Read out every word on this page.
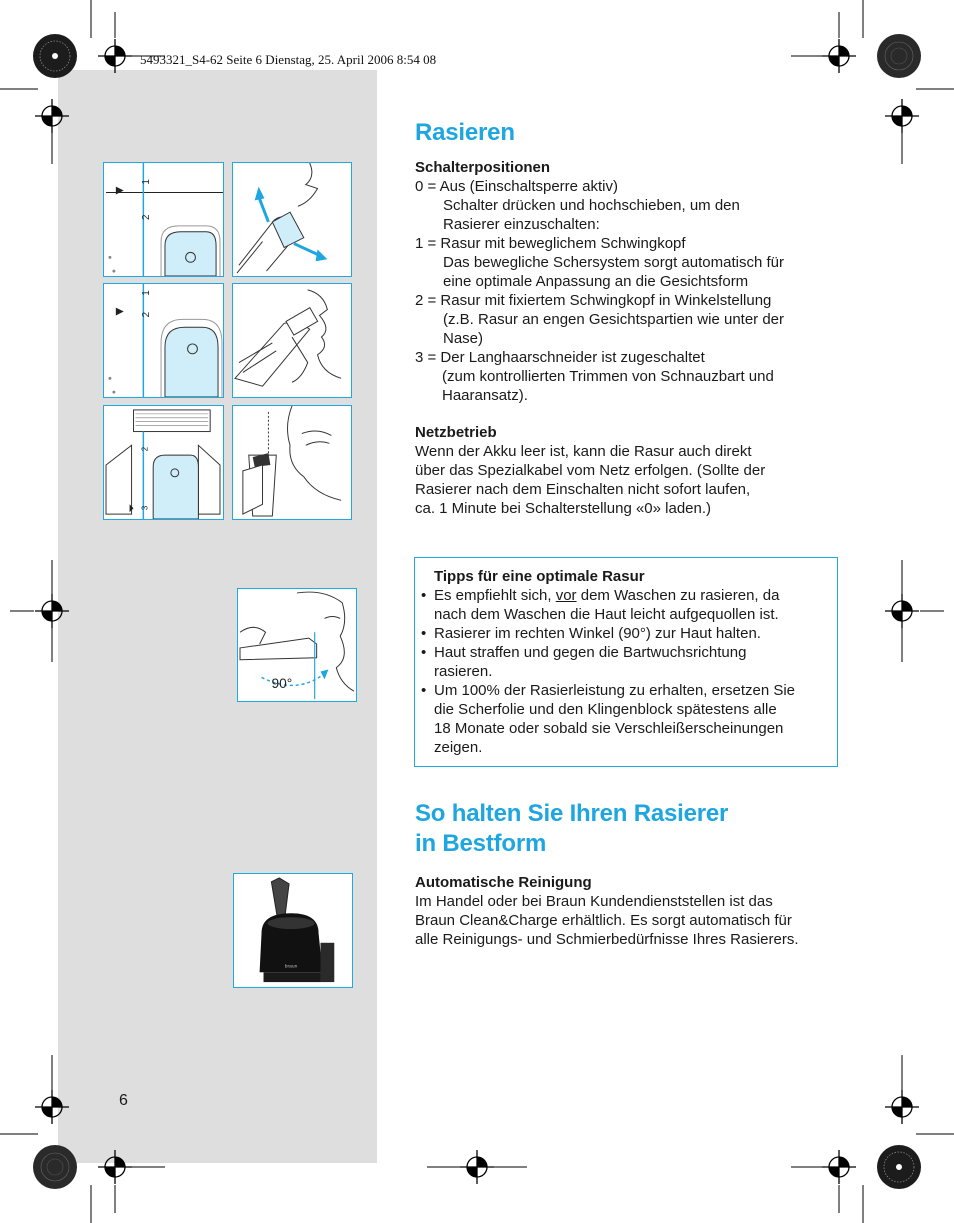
5493321_S4-62 Seite 6 Dienstag, 25. April 2006 8:54 08
1
2
1
2
2
3
90°
braun
Rasieren
Schalterpositionen
0 = Aus (Einschaltsperre aktiv)
Schalter drücken und hochschieben, um den
Rasierer einzuschalten:
1 = Rasur mit beweglichem Schwingkopf
Das bewegliche Schersystem sorgt automatisch für
eine optimale Anpassung an die Gesichtsform
2 = Rasur mit fixiertem Schwingkopf in Winkelstellung
(z.B. Rasur an engen Gesichtspartien wie unter der
Nase)
3 = Der Langhaarschneider ist zugeschaltet
(zum kontrollierten Trimmen von Schnauzbart und
Haaransatz).
Netzbetrieb
Wenn der Akku leer ist, kann die Rasur auch direkt
über das Spezialkabel vom Netz erfolgen. (Sollte der
Rasierer nach dem Einschalten nicht sofort laufen,
ca. 1 Minute bei Schalterstellung «0» laden.)
Tipps für eine optimale Rasur
• Es empfiehlt sich, vor dem Waschen zu rasieren, da
nach dem Waschen die Haut leicht aufgequollen ist.
• Rasierer im rechten Winkel (90°) zur Haut halten.
• Haut straffen und gegen die Bartwuchsrichtung
rasieren.
• Um 100% der Rasierleistung zu erhalten, ersetzen Sie
die Scherfolie und den Klingenblock spätestens alle
18 Monate oder sobald sie Verschleißerscheinungen
zeigen.
So halten Sie Ihren Rasierer
in Bestform
Automatische Reinigung
Im Handel oder bei Braun Kundendienststellen ist das
Braun Clean&Charge erhältlich. Es sorgt automatisch für
alle Reinigungs- und Schmierbedürfnisse Ihres Rasierers.
6
